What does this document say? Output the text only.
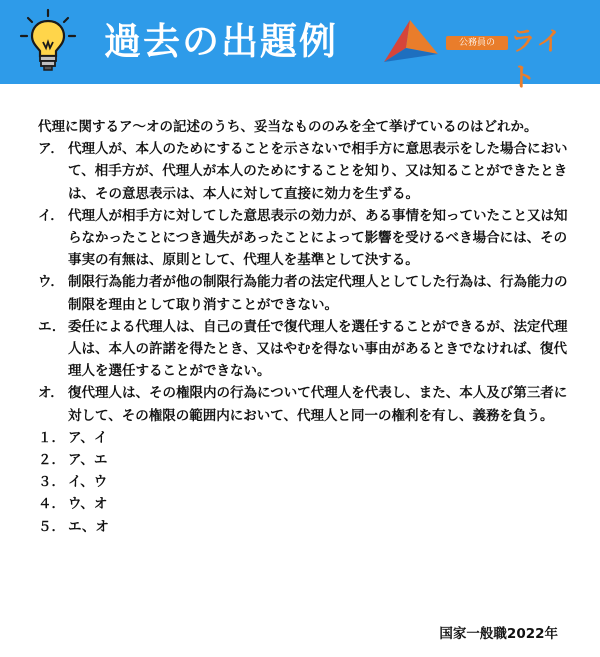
過去の出題例	公務員の ライト

代理に関するア～オの記述のうち、妥当なもののみを全て挙げているのはどれか。

ア． 代理人が、本人のためにすることを示さないで相手方に意思表示をした場合において、相手方が、代理人が本人のためにすることを知り、又は知ることができたときは、その意思表示は、本人に対して直接に効力を生ずる。
イ． 代理人が相手方に対してした意思表示の効力が、ある事情を知っていたこと又は知らなかったことにつき過失があったことによって影響を受けるべき場合には、その事実の有無は、原則として、代理人を基準として決する。
ウ． 制限行為能力者が他の制限行為能力者の法定代理人としてした行為は、行為能力の制限を理由として取り消すことができない。
エ． 委任による代理人は、自己の責任で復代理人を選任することができるが、法定代理人は、本人の許諾を得たとき、又はやむを得ない事由があるときでなければ、復代理人を選任することができない。
オ． 復代理人は、その権限内の行為について代理人を代表し、また、本人及び第三者に対して、その権限の範囲内において、代理人と同一の権利を有し、義務を負う。
１． ア、イ
２． ア、エ
３． イ、ウ
４． ウ、オ
５． エ、オ
国家一般職2022年
